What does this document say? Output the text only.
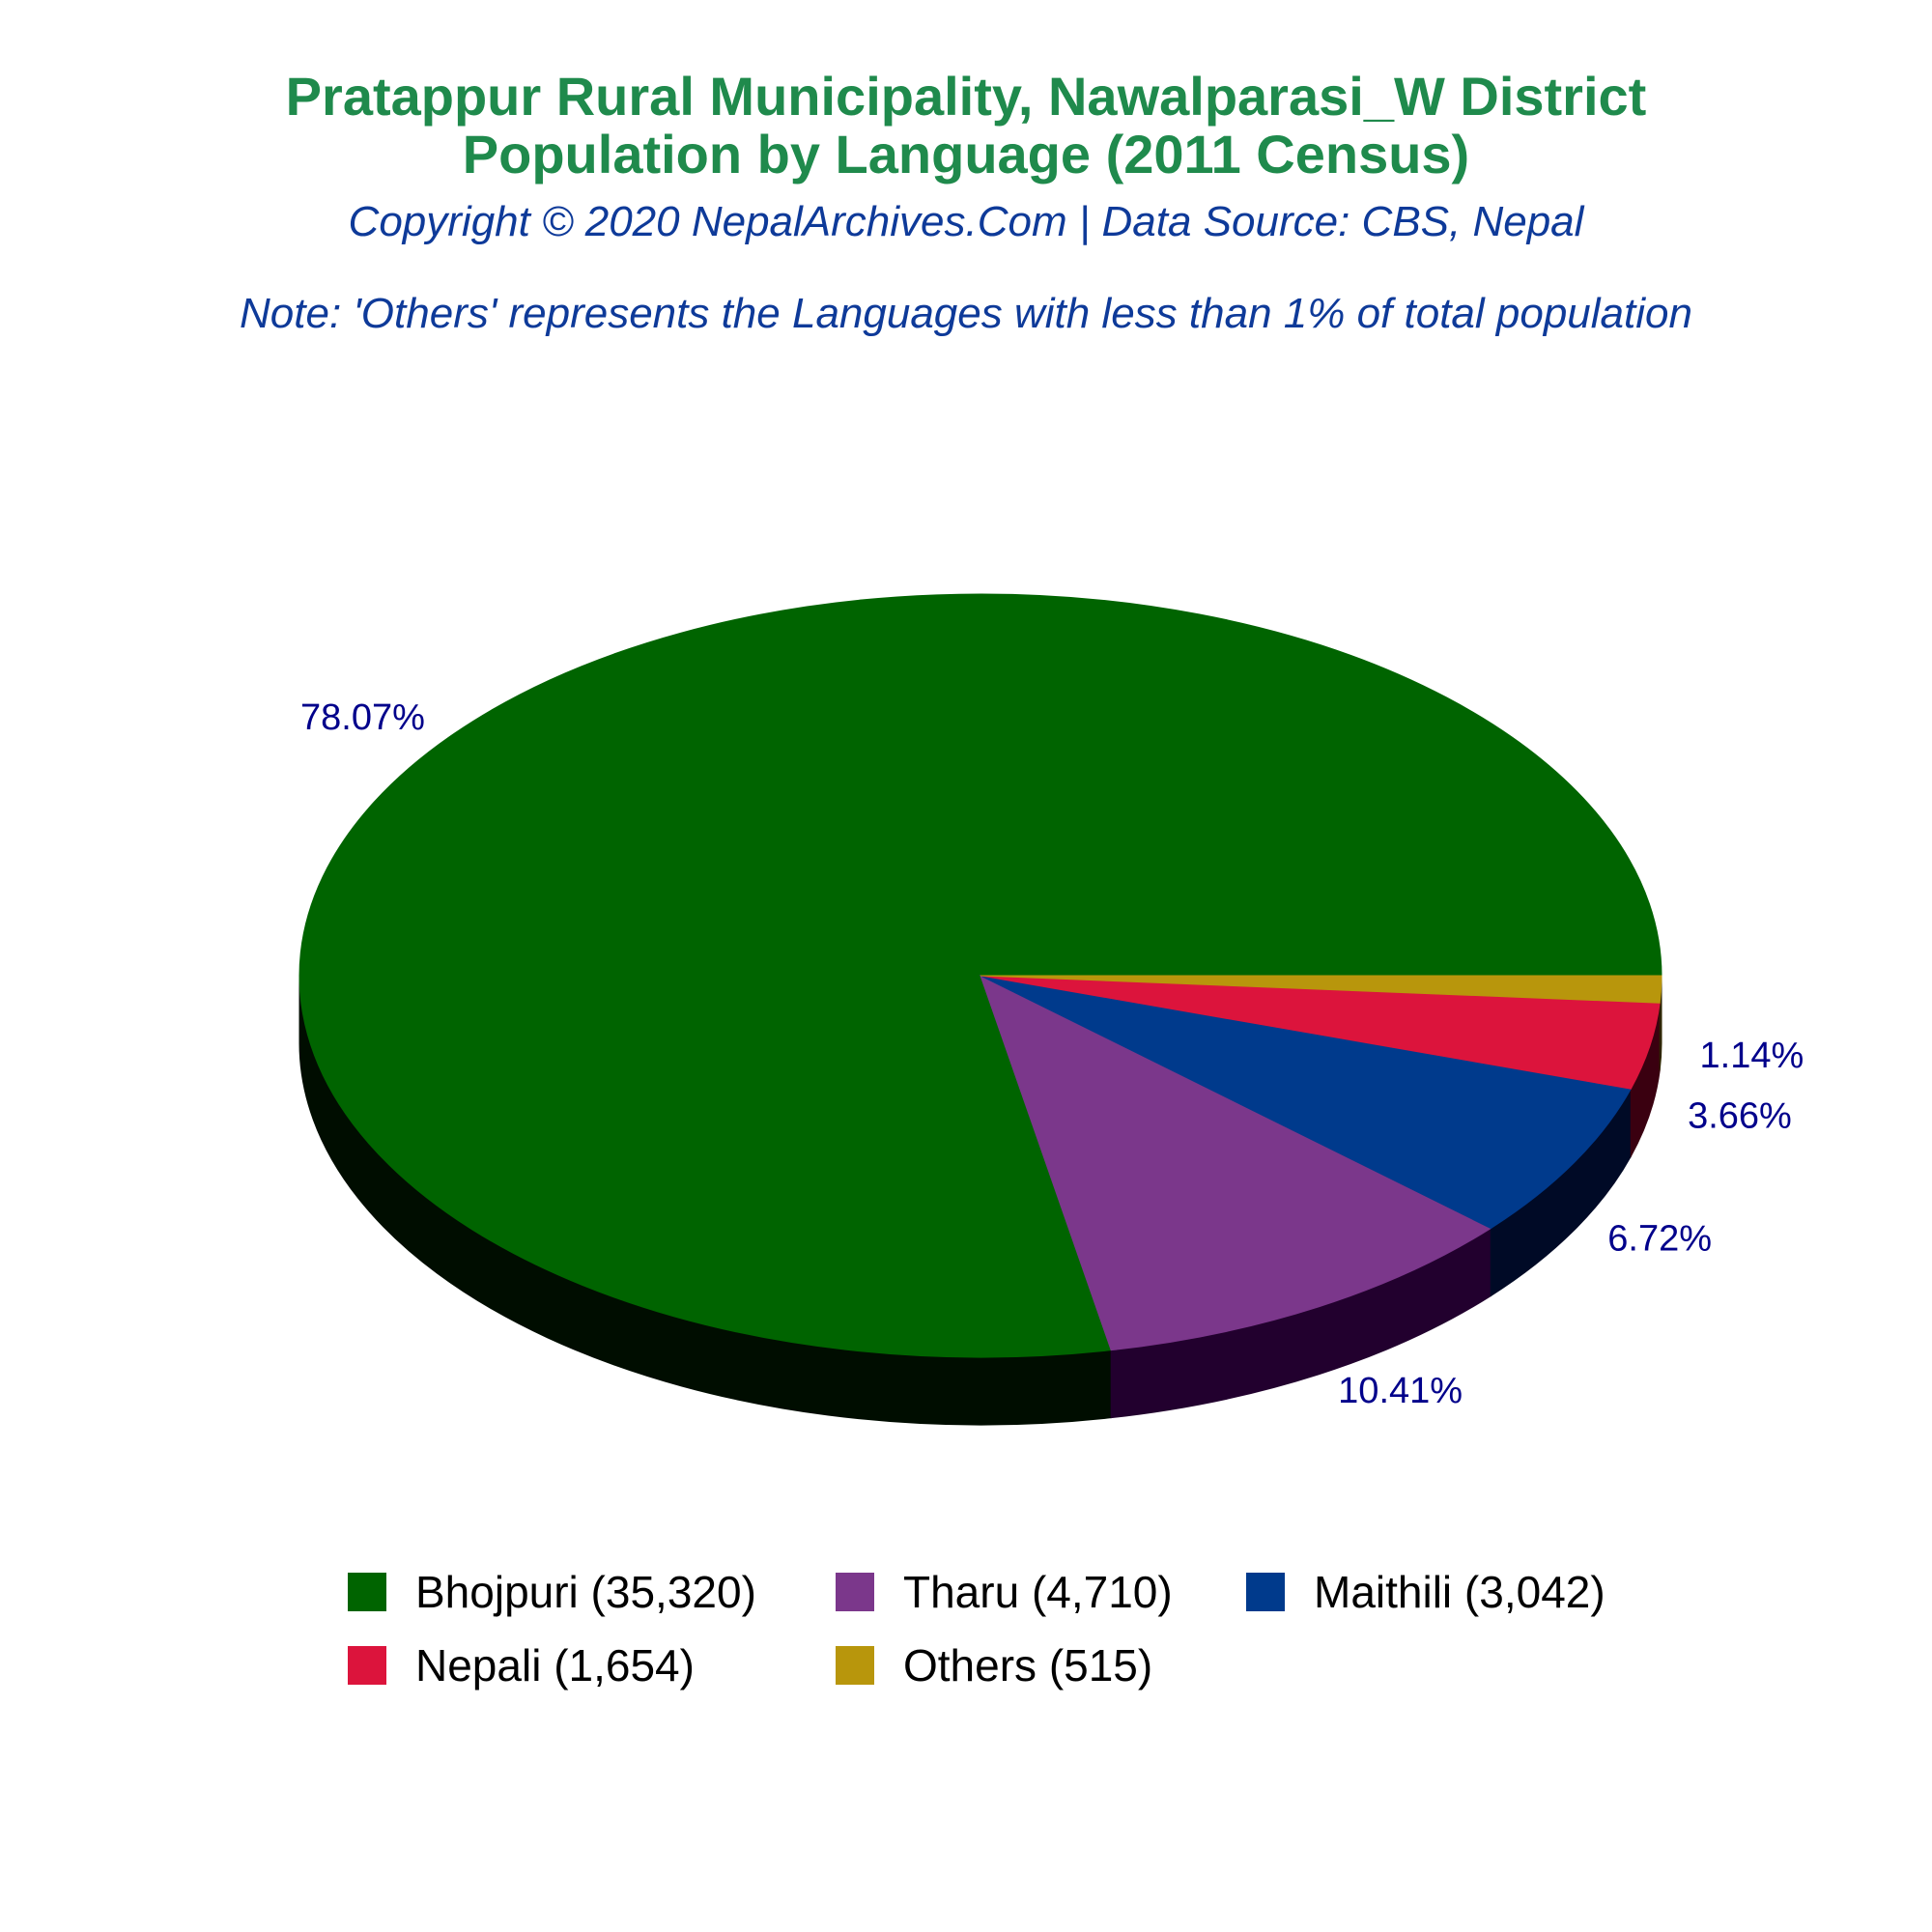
Pratappur Rural Municipality, Nawalparasi_W District
Population by Language (2011 Census)
Copyright © 2020 NepalArchives.Com | Data Source: CBS, Nepal
Note: 'Others' represents the Languages with less than 1% of total population
78.07%
10.41%
6.72%
3.66%
1.14%
Bhojpuri (35,320)	Tharu (4,710)	Maithili (3,042)
Nepali (1,654)	Others (515)
